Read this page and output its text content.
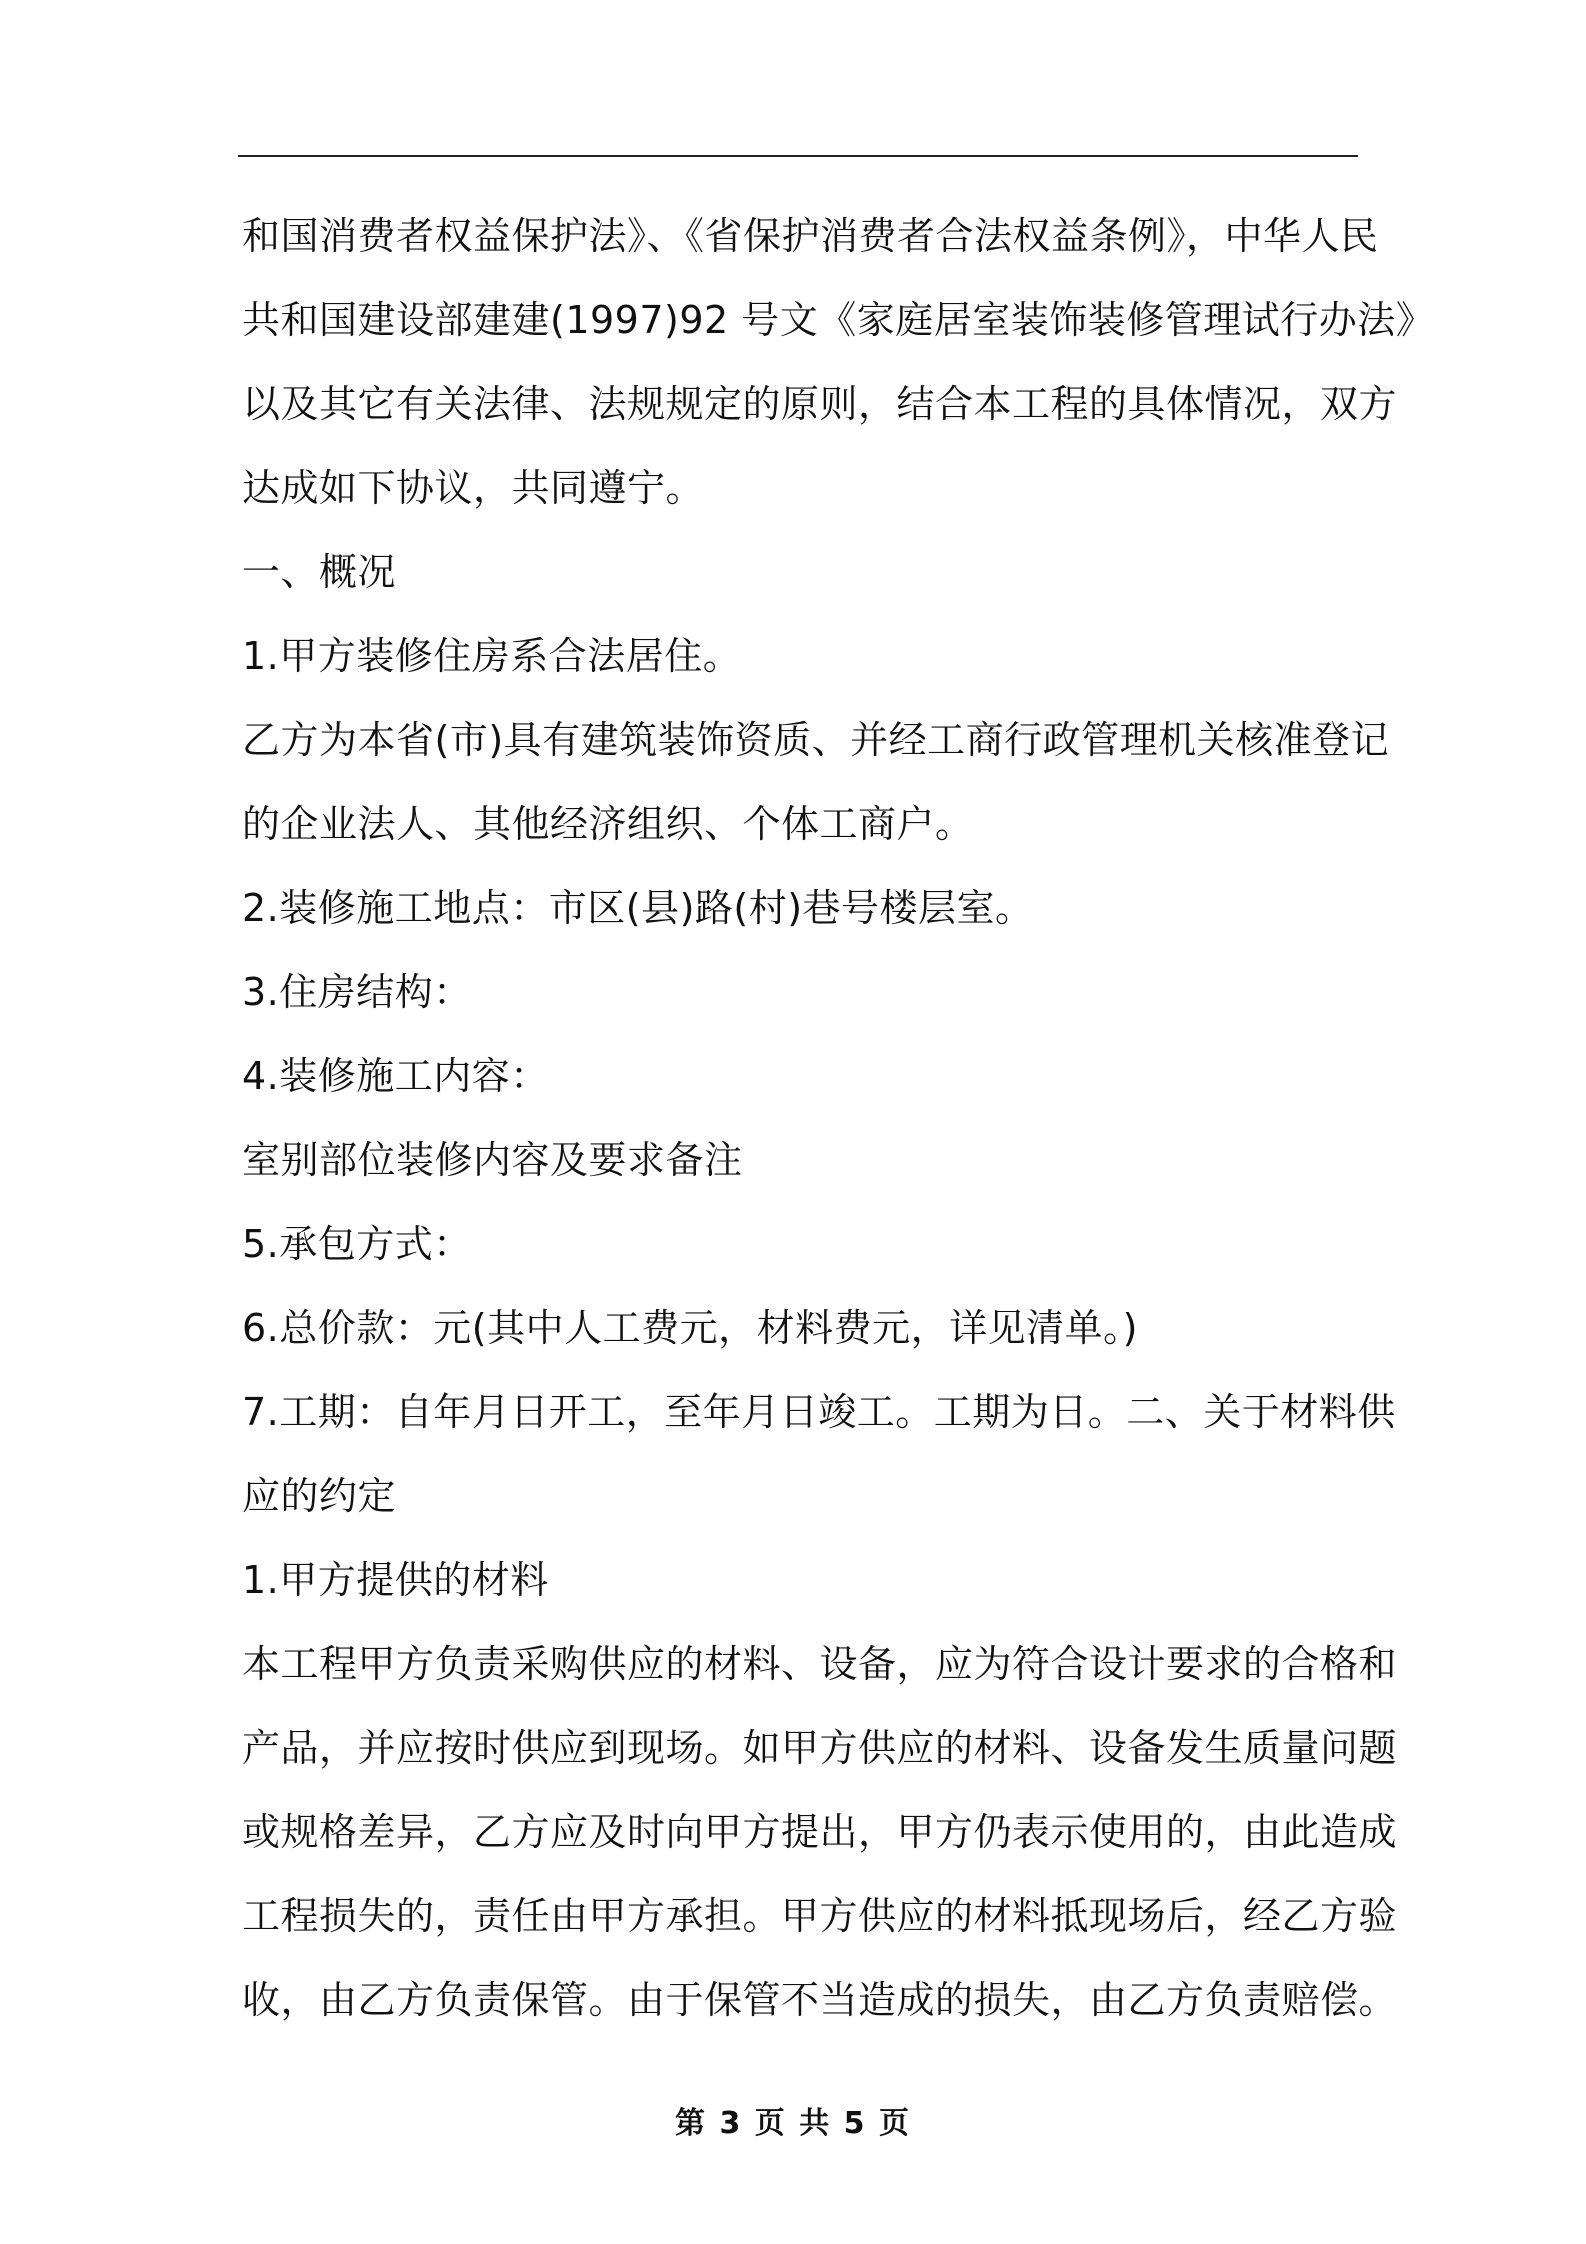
和国消费者权益保护法》、《省保护消费者合法权益条例》，中华人民
共和国建设部建建(1997)92 号文《家庭居室装饰装修管理试行办法》
以及其它有关法律、法规规定的原则，结合本工程的具体情况，双方
达成如下协议，共同遵宁。
一、概况
1.甲方装修住房系合法居住。
乙方为本省(市)具有建筑装饰资质、并经工商行政管理机关核准登记
的企业法人、其他经济组织、个体工商户。
2.装修施工地点：市区(县)路(村)巷号楼层室。
3.住房结构：
4.装修施工内容：
室别部位装修内容及要求备注
5.承包方式：
6.总价款：元(其中人工费元，材料费元，详见清单。)
7.工期：自年月日开工，至年月日竣工。工期为日。二、关于材料供
应的约定
1.甲方提供的材料
本工程甲方负责采购供应的材料、设备，应为符合设计要求的合格和
产品，并应按时供应到现场。如甲方供应的材料、设备发生质量问题
或规格差异，乙方应及时向甲方提出，甲方仍表示使用的，由此造成
工程损失的，责任由甲方承担。甲方供应的材料抵现场后，经乙方验
收，由乙方负责保管。由于保管不当造成的损失，由乙方负责赔偿。
第 3 页 共 5 页
